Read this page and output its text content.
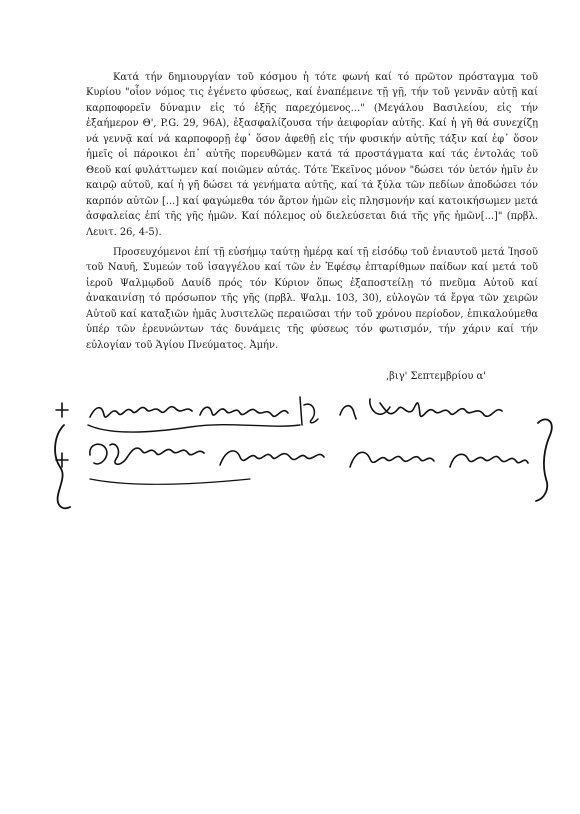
Κατά τήν δημιουργίαν τοῦ κόσμου ἡ τότε φωνή καί τό πρῶτον πρόσταγμα τοῦ Κυρίου "οἷον νόμος τις ἐγένετο φύσεως, καί ἐναπέμεινε τῇ γῇ, τήν τοῦ γεννᾶν αὐτῇ καί καρποφορεῖν δύναμιν εἰς τό ἑξῆς παρεχόμενος..." (Μεγάλου Βασιλείου, εἰς τήν ἑξαήμερον Θ', P.G. 29, 96A), ἐξασφαλίζουσα τήν ἀειφορίαν αὐτῆς. Καί ἡ γῆ θά συνεχίζῃ νά γεννᾷ καί νά καρποφορῇ ἐφ᾽ ὅσον ἀφεθῇ εἰς τήν φυσικήν αὐτῆς τάξιν καί ἐφ᾽ ὅσον ἡμεῖς οἱ πάροικοι ἐπ᾽ αὐτῆς πορευθῶμεν κατά τά προστάγματα καί τάς ἐντολάς τοῦ Θεοῦ καί φυλάττωμεν καί ποιῶμεν αὐτάς. Τότε Ἐκεῖνος μόνον "δώσει τόν ὑετόν ἡμῖν ἐν καιρῷ αὐτοῦ, καί ἡ γῆ δώσει τά γενήματα αὐτῆς, καί τά ξύλα τῶν πεδίων ἀποδώσει τόν καρπόν αὐτῶν [...] καί φαγώμεθα τόν ἄρτον ἡμῶν εἰς πλησμονήν καί κατοικήσωμεν μετά ἀσφαλείας ἐπί τῆς γῆς ἡμῶν. Καί πόλεμος οὐ διελεύσεται διά τῆς γῆς ἡμῶν[...]" (πρβλ. Λευιτ. 26, 4-5).

Προσευχόμενοι ἐπί τῇ εὐσήμῳ ταύτῃ ἡμέρᾳ καί τῇ εἰσόδῳ τοῦ ἐνιαυτοῦ μετά Ἰησοῦ τοῦ Ναυῆ, Συμεών τοῦ ἰσαγγέλου καί τῶν ἐν Ἐφέσῳ ἑπταρίθμων παίδων καί μετά τοῦ ἱεροῦ Ψαλμῳδοῦ Δαυίδ πρός τόν Κύριον ὅπως ἐξαποστείλῃ τό πνεῦμα Αὐτοῦ καί ἀνακαινίσῃ τό πρόσωπον τῆς γῆς (πρβλ. Ψαλμ. 103, 30), εὐλογῶν τά ἔργα τῶν χειρῶν Αὐτοῦ καί καταξιῶν ἡμᾶς λυσιτελῶς περαιῶσαι τήν τοῦ χρόνου περίοδον, ἐπικαλούμεθα ὑπέρ τῶν ἐρευνώντων τάς δυνάμεις τῆς φύσεως τόν φωτισμόν, τήν χάριν καί τήν εὐλογίαν τοῦ Ἁγίου Πνεύματος. Ἀμήν.

,βιγ' Σεπτεμβρίου α'
